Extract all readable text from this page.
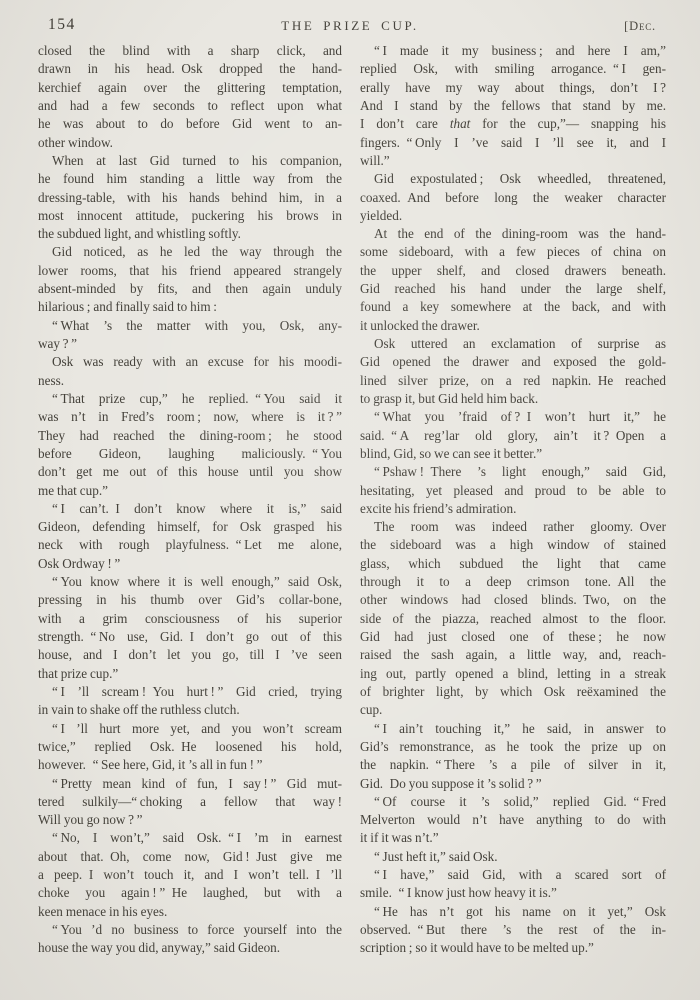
154	THE PRIZE CUP.	[Dec.
closed the blind with a sharp click, and
drawn in his head. Osk dropped the hand-
kerchief again over the glittering temptation,
and had a few seconds to reflect upon what
he was about to do before Gid went to an-
other window.
When at last Gid turned to his companion,
he found him standing a little way from the
dressing-table, with his hands behind him, in a
most innocent attitude, puckering his brows in
the subdued light, and whistling softly.
Gid noticed, as he led the way through the
lower rooms, that his friend appeared strangely
absent-minded by fits, and then again unduly
hilarious ; and finally said to him :
“ What ’s the matter with you, Osk, any-
way ? ”
Osk was ready with an excuse for his moodi-
ness.
“ That prize cup,” he replied. “ You said it
was n’t in Fred’s room ; now, where is it ? ”
They had reached the dining-room ; he stood
before Gideon, laughing maliciously. “ You
don’t get me out of this house until you show
me that cup.”
“ I can’t. I don’t know where it is,” said
Gideon, defending himself, for Osk grasped his
neck with rough playfulness. “ Let me alone,
Osk Ordway ! ”
“ You know where it is well enough,” said Osk,
pressing in his thumb over Gid’s collar-bone,
with a grim consciousness of his superior
strength. “ No use, Gid. I don’t go out of this
house, and I don’t let you go, till I ’ve seen
that prize cup.”
“ I ’ll scream ! You hurt ! ” Gid cried, trying
in vain to shake off the ruthless clutch.
“ I ’ll hurt more yet, and you won’t scream
twice,” replied Osk. He loosened his hold,
however. “ See here, Gid, it ’s all in fun ! ”
“ Pretty mean kind of fun, I say ! ” Gid mut-
tered sulkily—“ choking a fellow that way !
Will you go now ? ”
“ No, I won’t,” said Osk. “ I ’m in earnest
about that. Oh, come now, Gid ! Just give me
a peep. I won’t touch it, and I won’t tell. I ’ll
choke you again ! ” He laughed, but with a
keen menace in his eyes.
“ You ’d no business to force yourself into the
house the way you did, anyway,” said Gideon.
“ I made it my business ; and here I am,”
replied Osk, with smiling arrogance. “ I gen-
erally have my way about things, don’t I ?
And I stand by the fellows that stand by me.
I don’t care that for the cup,”— snapping his
fingers. “ Only I ’ve said I ’ll see it, and I
will.”
Gid expostulated ; Osk wheedled, threatened,
coaxed. And before long the weaker character
yielded.
At the end of the dining-room was the hand-
some sideboard, with a few pieces of china on
the upper shelf, and closed drawers beneath.
Gid reached his hand under the large shelf,
found a key somewhere at the back, and with
it unlocked the drawer.
Osk uttered an exclamation of surprise as
Gid opened the drawer and exposed the gold-
lined silver prize, on a red napkin. He reached
to grasp it, but Gid held him back.
“ What you ’fraid of ? I won’t hurt it,” he
said. “ A reg’lar old glory, ain’t it ? Open a
blind, Gid, so we can see it better.”
“ Pshaw ! There ’s light enough,” said Gid,
hesitating, yet pleased and proud to be able to
excite his friend’s admiration.
The room was indeed rather gloomy. Over
the sideboard was a high window of stained
glass, which subdued the light that came
through it to a deep crimson tone. All the
other windows had closed blinds. Two, on the
side of the piazza, reached almost to the floor.
Gid had just closed one of these ; he now
raised the sash again, a little way, and, reach-
ing out, partly opened a blind, letting in a streak
of brighter light, by which Osk reëxamined the
cup.
“ I ain’t touching it,” he said, in answer to
Gid’s remonstrance, as he took the prize up on
the napkin. “ There ’s a pile of silver in it,
Gid. Do you suppose it ’s solid ? ”
“ Of course it ’s solid,” replied Gid. “ Fred
Melverton would n’t have anything to do with
it if it was n’t.”
“ Just heft it,” said Osk.
“ I have,” said Gid, with a scared sort of
smile. “ I know just how heavy it is.”
“ He has n’t got his name on it yet,” Osk
observed. “ But there ’s the rest of the in-
scription ; so it would have to be melted up.”
